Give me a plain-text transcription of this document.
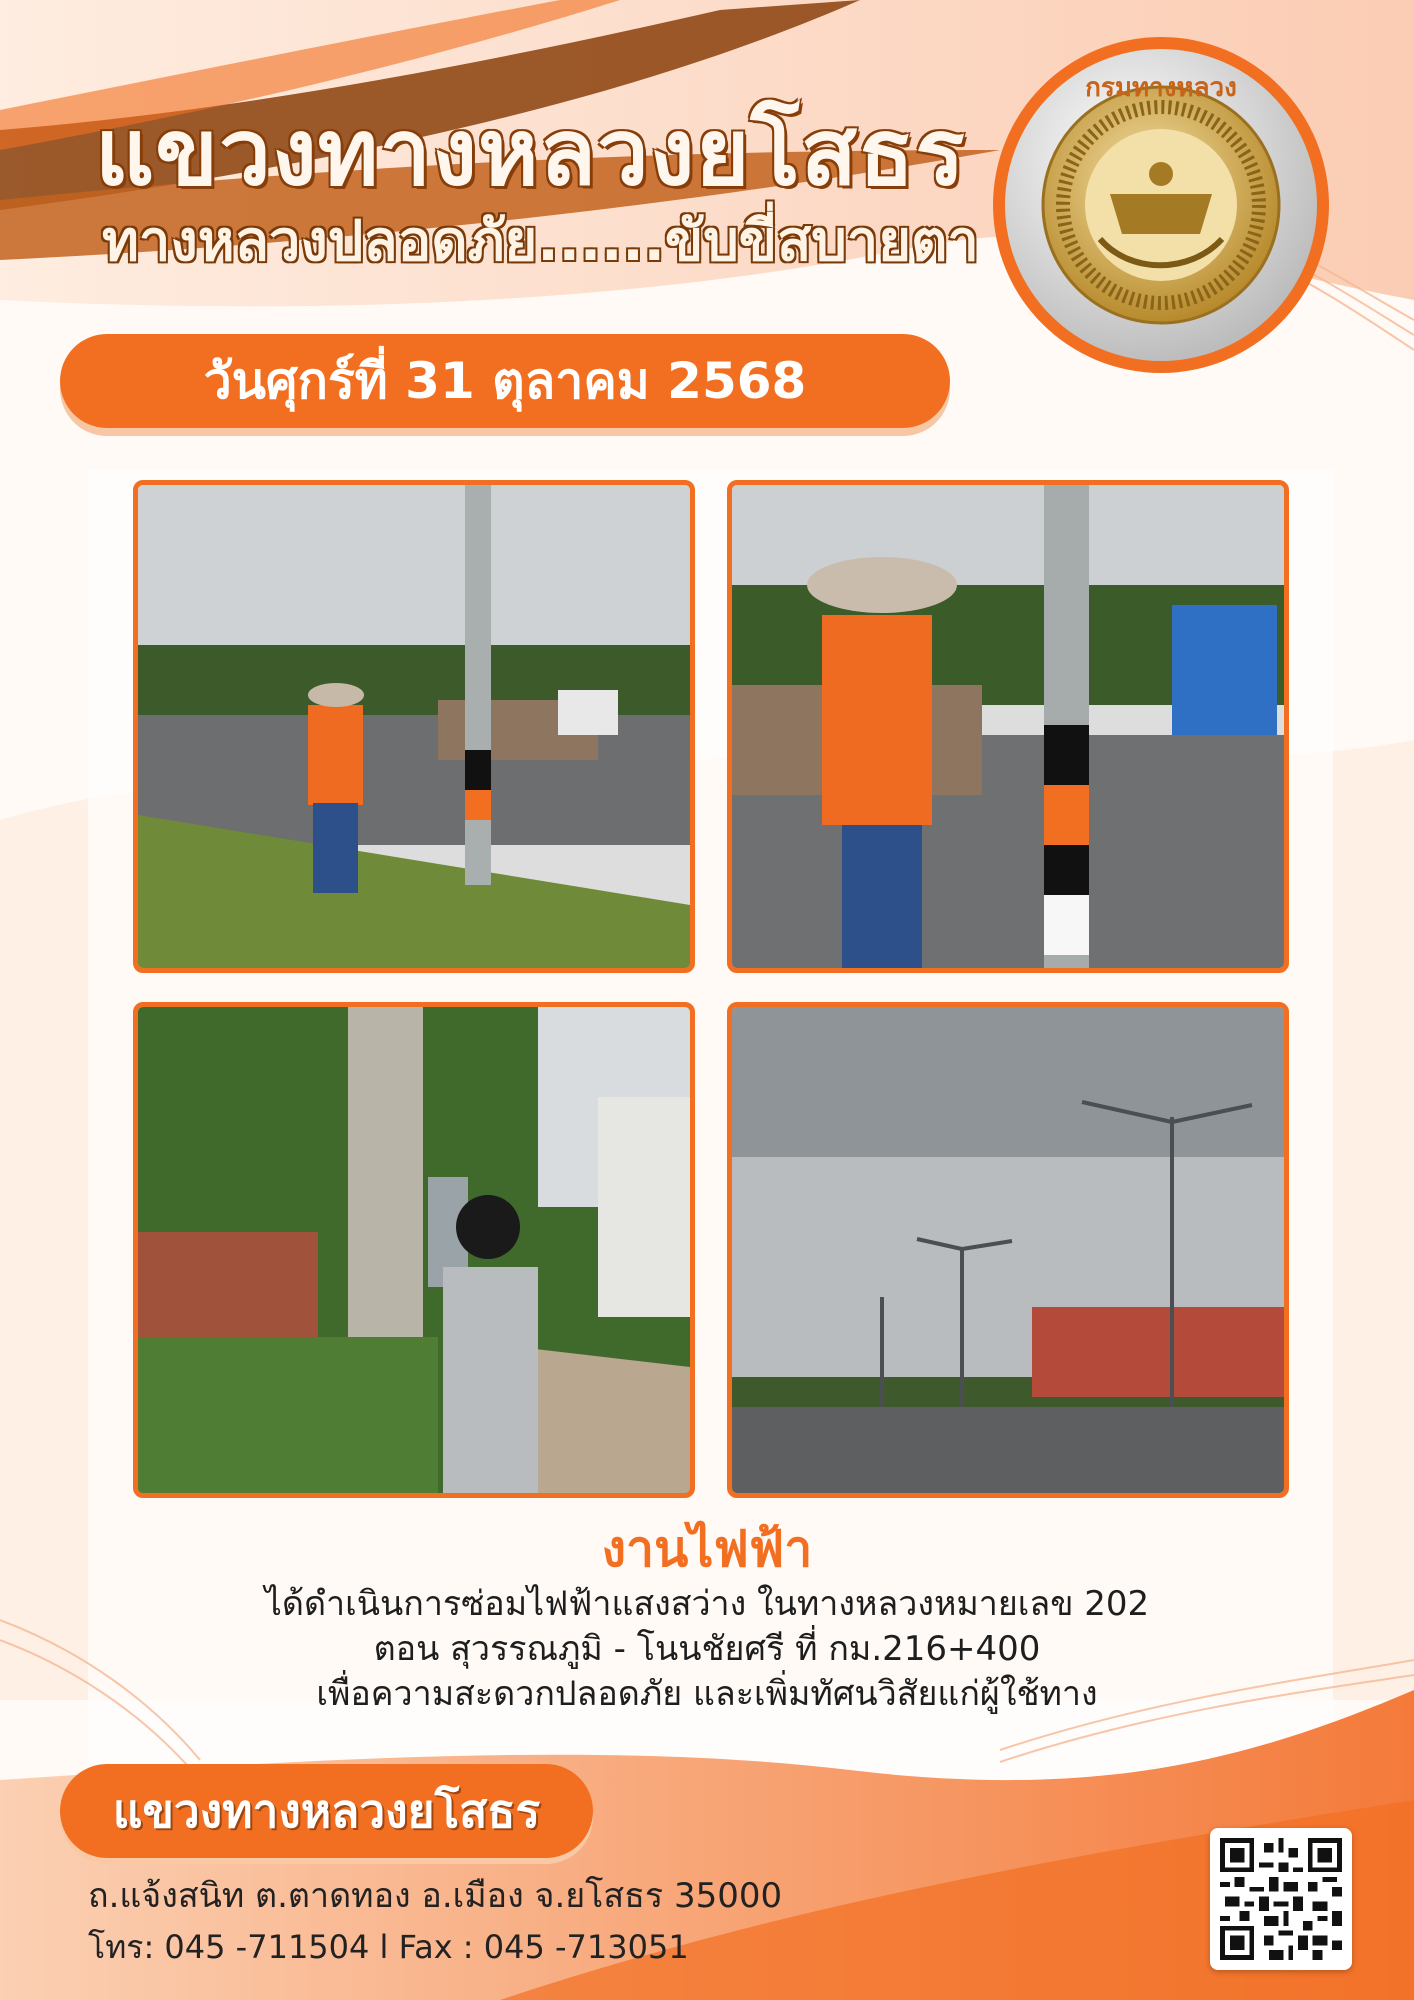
แขวงทางหลวงยโสธร
ทางหลวงปลอดภัย......ขับขี่สบายตา
กรมทางหลวง
วันศุกร์ที่ 31 ตุลาคม 2568
งานไฟฟ้า
ได้ดำเนินการซ่อมไฟฟ้าแสงสว่าง ในทางหลวงหมายเลข 202
ตอน สุวรรณภูมิ - โนนชัยศรี ที่ กม.216+400
เพื่อความสะดวกปลอดภัย และเพิ่มทัศนวิสัยแก่ผู้ใช้ทาง
แขวงทางหลวงยโสธร
ถ.แจ้งสนิท ต.ตาดทอง อ.เมือง จ.ยโสธร 35000
โทร: 045 -711504 l Fax : 045 -713051
